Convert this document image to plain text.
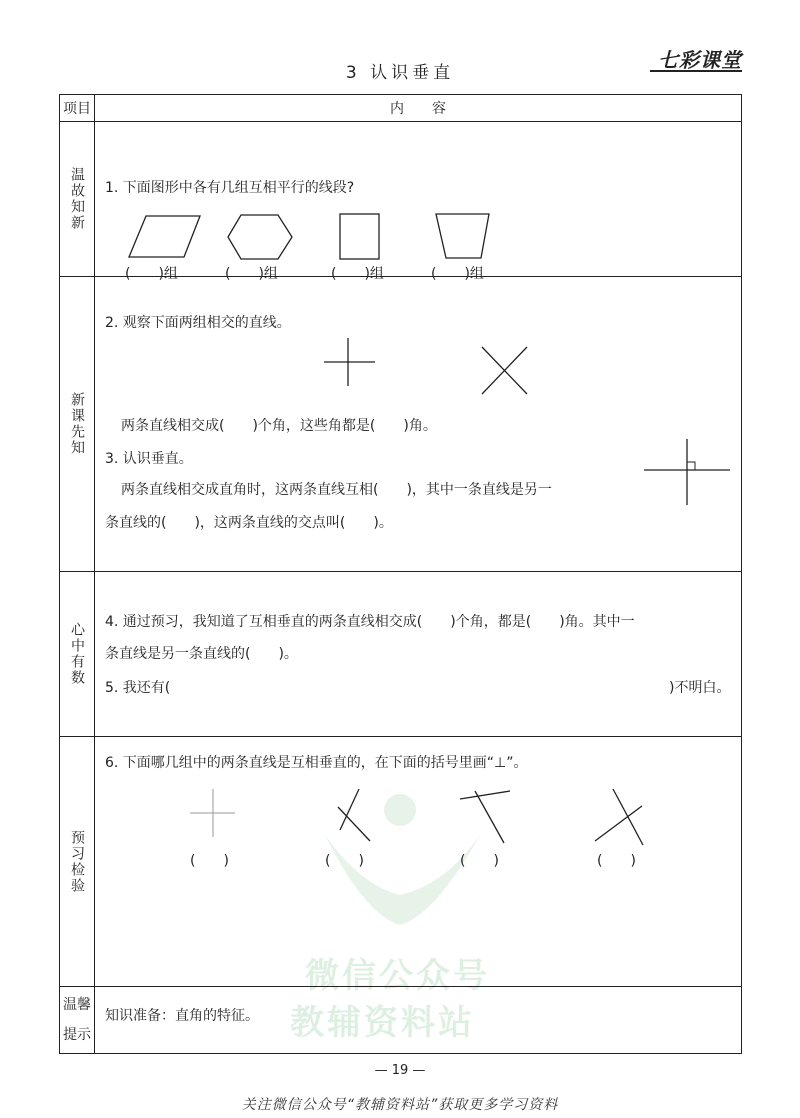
3 认识垂直
七彩课堂
微信公众号
教辅资料站
项目	内　　容

温故知新	1. 下面图形中各有几组互相平行的线段?
(　　)组 (　　)组 (　　)组 (　　)组

新课先知	2. 观察下面两组相交的直线。
两条直线相交成(　　)个角，这些角都是(　　)角。
3. 认识垂直。
两条直线相交成直角时，这两条直线互相(　　)，其中一条直线是另一
条直线的(　　)，这两条直线的交点叫(　　)。

心中有数	4. 通过预习，我知道了互相垂直的两条直线相交成(　　)个角，都是(　　)角。其中一
条直线是另一条直线的(　　)。
5. 我还有( )不明白。

预习检验	6. 下面哪几组中的两条直线是互相垂直的，在下面的括号里画“⊥”。
(　　) (　　) (　　) (　　)

温馨
提示	知识准备：直角的特征。
— 19 —
关注微信公众号“教辅资料站”获取更多学习资料
